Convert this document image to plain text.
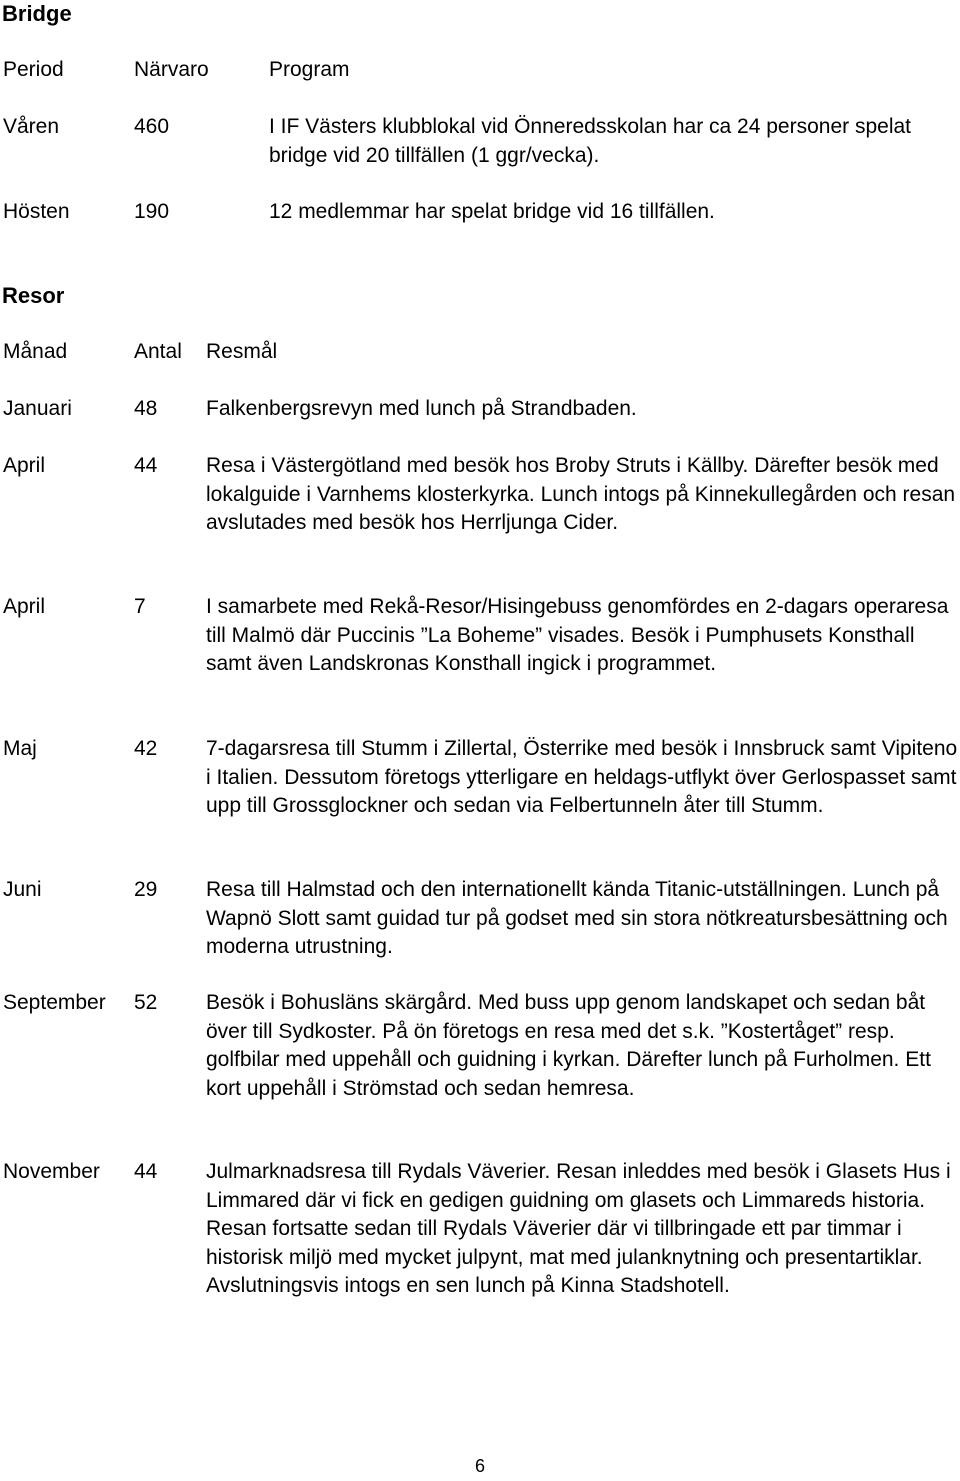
Bridge
Period	Närvaro	Program
Våren	460	I IF Västers klubblokal vid Önneredsskolan har ca 24 personer spelat bridge vid 20 tillfällen (1 ggr/vecka).
Hösten	190	12 medlemmar har spelat bridge vid 16 tillfällen.
Resor
Månad	Antal Resmål
Januari	48 Falkenbergsrevyn med lunch på Strandbaden.
April	44 Resa i Västergötland med besök hos Broby Struts i Källby. Därefter besök med lokalguide i Varnhems klosterkyrka. Lunch intogs på Kinnekullegården och resan avslutades med besök hos Herrljunga Cider.
April	7	I samarbete med Rekå-Resor/Hisingebuss genomfördes en 2-dagars operaresa till Malmö där Puccinis ”La Boheme” visades. Besök i Pumphusets Konsthall samt även Landskronas Konsthall ingick i programmet.
Maj	42 7-dagarsresa till Stumm i Zillertal, Österrike med besök i Innsbruck samt Vipiteno i Italien. Dessutom företogs ytterligare en heldags-utflykt över Gerlospasset samt upp till Grossglockner och sedan via Felbertunneln åter till Stumm.
Juni	29 Resa till Halmstad och den internationellt kända Titanic-utställningen. Lunch på Wapnö Slott samt guidad tur på godset med sin stora nötkreatursbesättning och moderna utrustning.
September 52 Besök i Bohusläns skärgård. Med buss upp genom landskapet och sedan båt över till Sydkoster. På ön företogs en resa med det s.k. ”Kostertåget” resp. golfbilar med uppehåll och guidning i kyrkan. Därefter lunch på Furholmen. Ett kort uppehåll i Strömstad och sedan hemresa.
November 44 Julmarknadsresa till Rydals Väverier. Resan inleddes med besök i Glasets Hus i Limmared där vi fick en gedigen guidning om glasets och Limmareds historia. Resan fortsatte sedan till Rydals Väverier där vi tillbringade ett par timmar i historisk miljö med mycket julpynt, mat med julanknytning och presentartiklar. Avslutningsvis intogs en sen lunch på Kinna Stadshotell.
6
